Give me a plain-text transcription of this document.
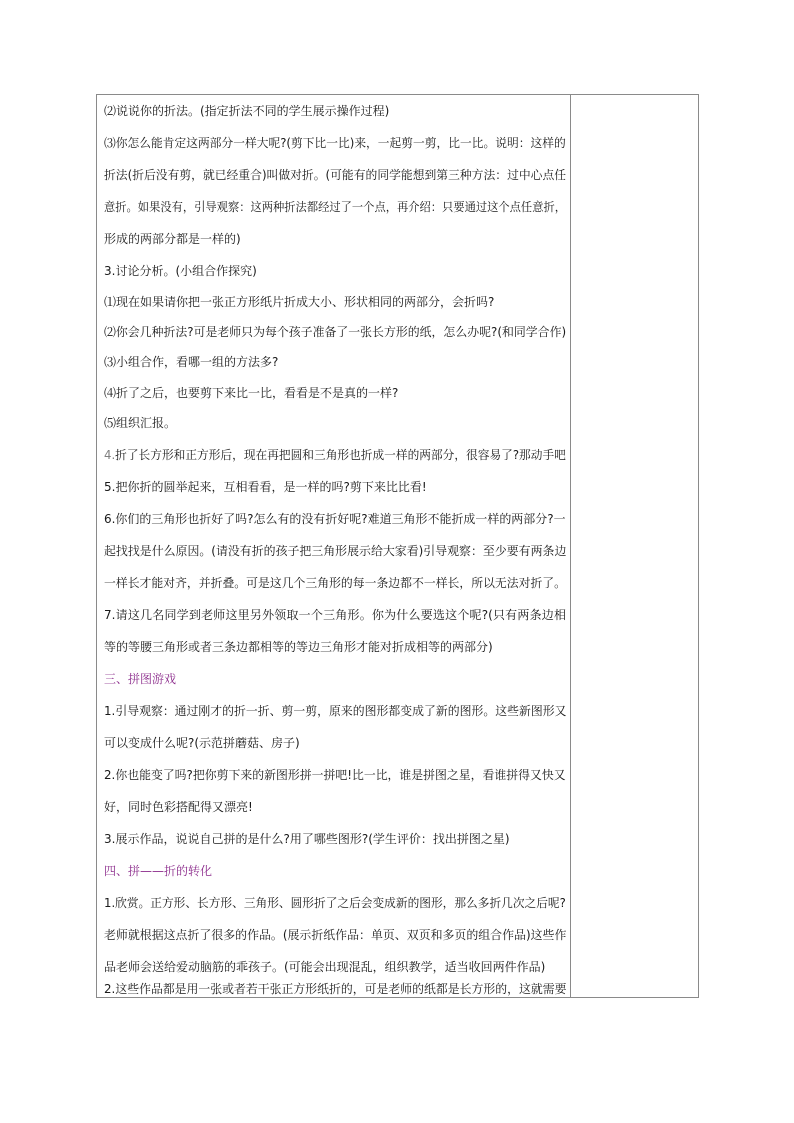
⑵说说你的折法。(指定折法不同的学生展示操作过程)
⑶你怎么能肯定这两部分一样大呢?(剪下比一比)来，一起剪一剪，比一比。说明：这样的
折法(折后没有剪，就已经重合)叫做对折。(可能有的同学能想到第三种方法：过中心点任
意折。如果没有，引导观察：这两种折法都经过了一个点，再介绍：只要通过这个点任意折，
形成的两部分都是一样的)
3.讨论分析。(小组合作探究)
⑴现在如果请你把一张正方形纸片折成大小、形状相同的两部分，会折吗?
⑵你会几种折法?可是老师只为每个孩子准备了一张长方形的纸，怎么办呢?(和同学合作)
⑶小组合作，看哪一组的方法多?
⑷折了之后，也要剪下来比一比，看看是不是真的一样?
⑸组织汇报。
4.折了长方形和正方形后，现在再把圆和三角形也折成一样的两部分，很容易了?那动手吧
5.把你折的圆举起来，互相看看，是一样的吗?剪下来比比看!
6.你们的三角形也折好了吗?怎么有的没有折好呢?难道三角形不能折成一样的两部分?一
起找找是什么原因。(请没有折的孩子把三角形展示给大家看)引导观察：至少要有两条边
一样长才能对齐，并折叠。可是这几个三角形的每一条边都不一样长，所以无法对折了。
7.请这几名同学到老师这里另外领取一个三角形。你为什么要选这个呢?(只有两条边相
等的等腰三角形或者三条边都相等的等边三角形才能对折成相等的两部分)
三、拼图游戏
1.引导观察：通过刚才的折一折、剪一剪，原来的图形都变成了新的图形。这些新图形又
可以变成什么呢?(示范拼蘑菇、房子)
2.你也能变了吗?把你剪下来的新图形拼一拼吧!比一比，谁是拼图之星，看谁拼得又快又
好，同时色彩搭配得又漂亮!
3.展示作品，说说自己拼的是什么?用了哪些图形?(学生评价：找出拼图之星)
四、拼——折的转化
1.欣赏。正方形、长方形、三角形、圆形折了之后会变成新的图形，那么多折几次之后呢?
老师就根据这点折了很多的作品。(展示折纸作品：单页、双页和多页的组合作品)这些作
品老师会送给爱动脑筋的乖孩子。(可能会出现混乱，组织教学，适当收回两件作品)
2.这些作品都是用一张或者若干张正方形纸折的，可是老师的纸都是长方形的，这就需要
